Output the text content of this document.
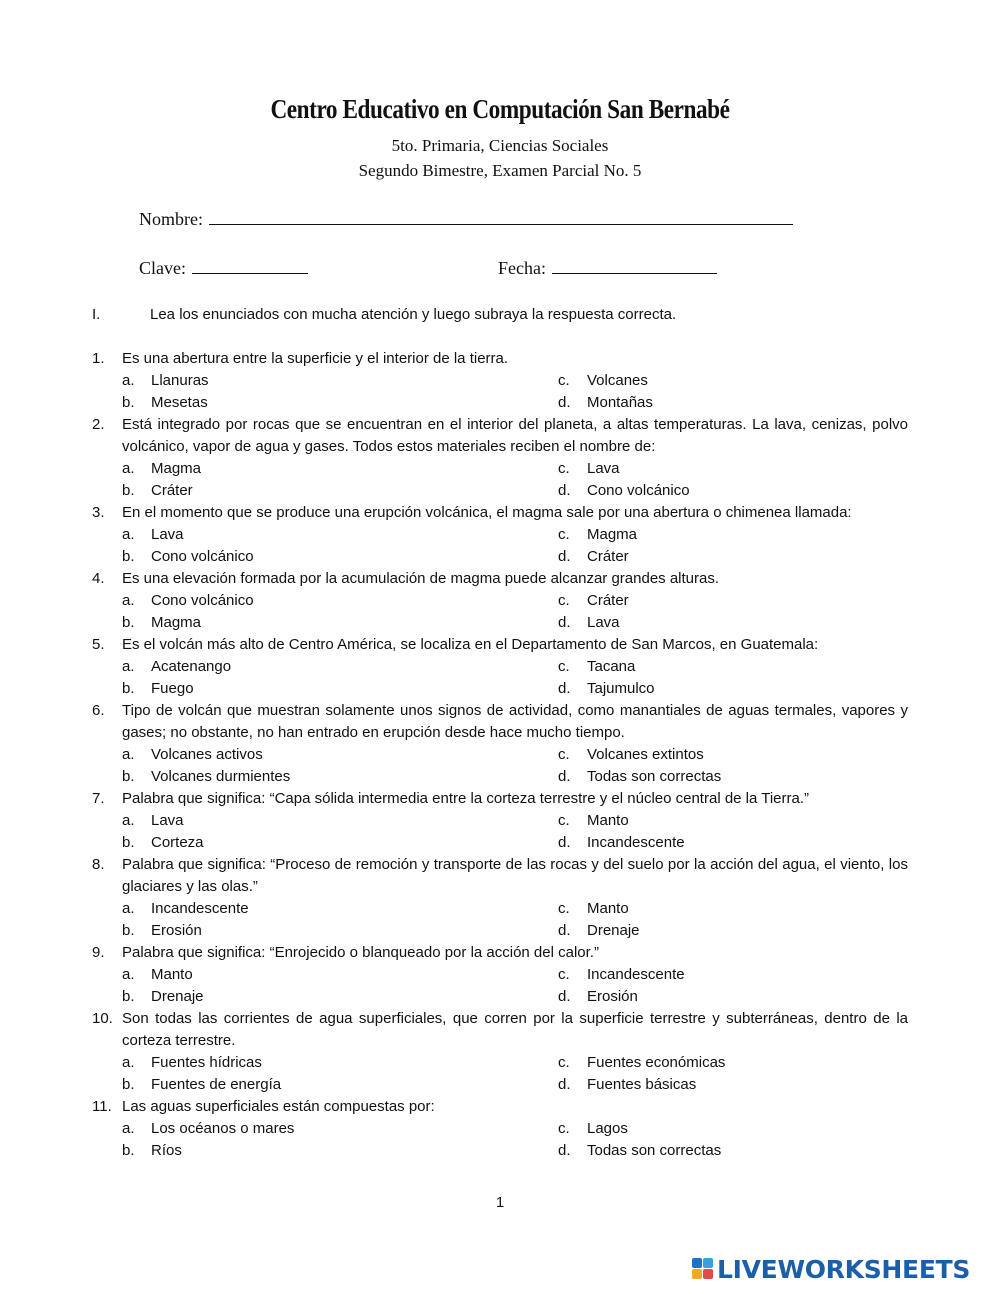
Centro Educativo en Computación San Bernabé
5to. Primaria, Ciencias Sociales
Segundo Bimestre, Examen Parcial No. 5
Nombre:
Clave:	Fecha:
I.	Lea los enunciados con mucha atención y luego subraya la respuesta correcta.
1. Es una abertura entre la superficie y el interior de la tierra.
a. Llanuras
b. Mesetas
c. Volcanes
d. Montañas
2. Está integrado por rocas que se encuentran en el interior del planeta, a altas temperaturas. La lava, cenizas, polvo volcánico, vapor de agua y gases. Todos estos materiales reciben el nombre de:
a. Magma
b. Cráter
c. Lava
d. Cono volcánico
3. En el momento que se produce una erupción volcánica, el magma sale por una abertura o chimenea llamada:
a. Lava
b. Cono volcánico
c. Magma
d. Cráter
4. Es una elevación formada por la acumulación de magma puede alcanzar grandes alturas.
a. Cono volcánico
b. Magma
c. Cráter
d. Lava
5. Es el volcán más alto de Centro América, se localiza en el Departamento de San Marcos, en Guatemala:
a. Acatenango
b. Fuego
c. Tacana
d. Tajumulco
6. Tipo de volcán que muestran solamente unos signos de actividad, como manantiales de aguas termales, vapores y gases; no obstante, no han entrado en erupción desde hace mucho tiempo.
a. Volcanes activos
b. Volcanes durmientes
c. Volcanes extintos
d. Todas son correctas
7. Palabra que significa: “Capa sólida intermedia entre la corteza terrestre y el núcleo central de la Tierra.”
a. Lava
b. Corteza
c. Manto
d. Incandescente
8. Palabra que significa: “Proceso de remoción y transporte de las rocas y del suelo por la acción del agua, el viento, los glaciares y las olas.”
a. Incandescente
b. Erosión
c. Manto
d. Drenaje
9. Palabra que significa: “Enrojecido o blanqueado por la acción del calor.”
a. Manto
b. Drenaje
c. Incandescente
d. Erosión
10. Son todas las corrientes de agua superficiales, que corren por la superficie terrestre y subterráneas, dentro de la corteza terrestre.
a. Fuentes hídricas
b. Fuentes de energía
c. Fuentes económicas
d. Fuentes básicas
11. Las aguas superficiales están compuestas por:
a. Los océanos o mares
b. Ríos
c. Lagos
d. Todas son correctas
1
LIVEWORKSHEETS
